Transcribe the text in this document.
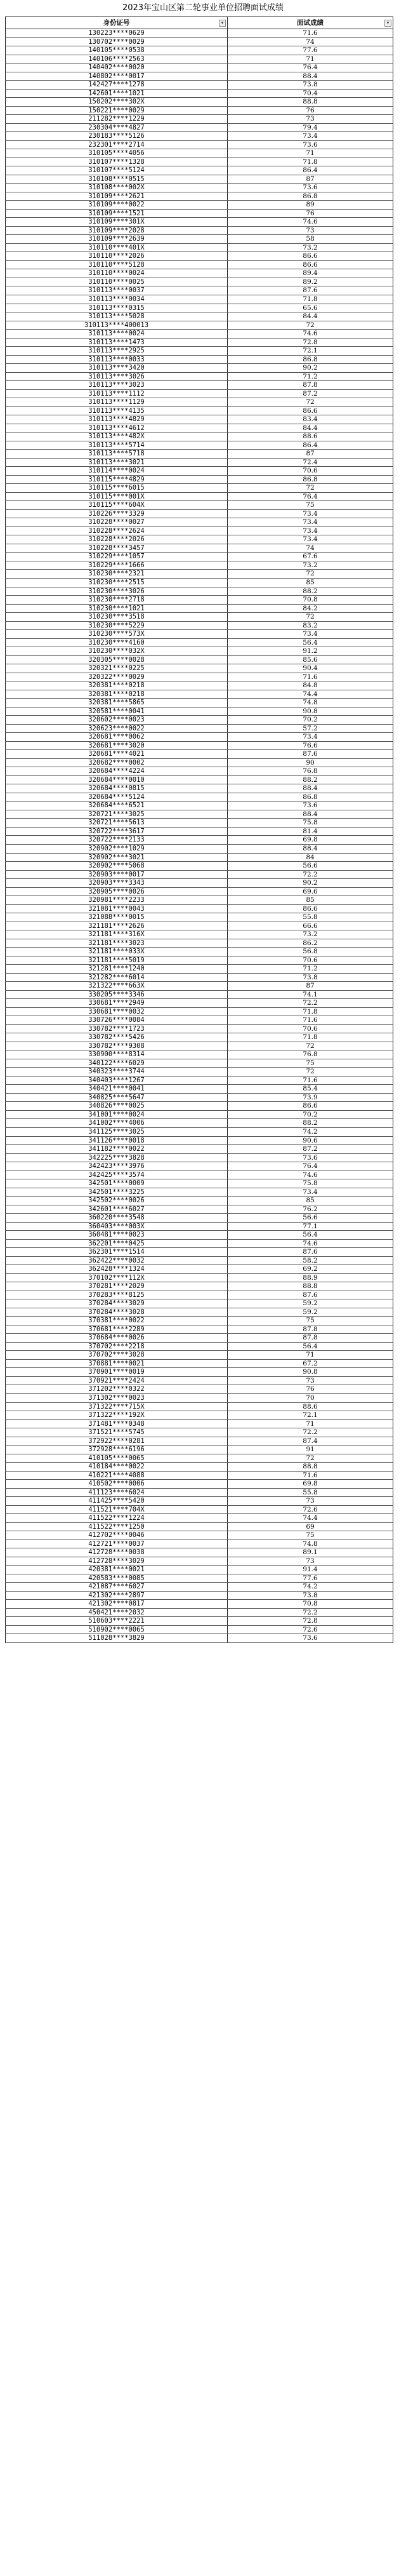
2023年宝山区第二轮事业单位招聘面试成绩
身份证号	▾	面试成绩	▾
130223****0629	71.6
130702****0029	74
140105****0538	77.6
140106****2563	71
140402****0020	76.4
140802****0017	88.4
142427****1278	73.8
142601****1021	70.4
150202****302X	88.8
150221****0029	76
211282****1229	73
230304****4827	79.4
230183****5126	73.4
232301****2714	73.6
310105****4056	71
310107****1328	71.8
310107****5124	86.4
310108****0515	87
310108****002X	73.6
310109****2621	86.8
310109****0022	89
310109****1521	76
310109****301X	74.6
310109****2028	73
310109****2639	58
310110****401X	73.2
310110****2026	86.6
310110****5128	86.6
310110****0024	89.4
310110****0025	89.2
310113****0037	87.6
310113****0034	71.8
310113****0315	65.6
310113****5028	84.4
310113****400013	72
310113****0024	74.6
310113****1473	72.8
310113****2925	72.1
310113****0033	86.8
310113****3420	90.2
310113****3026	71.2
310113****3023	87.8
310113****1112	87.2
310113****1129	72
310113****4135	86.6
310113****4829	83.4
310113****4612	84.4
310113****482X	88.6
310113****5714	86.4
310113****5718	87
310113****3021	72.4
310114****0024	70.6
310115****4829	86.8
310115****6015	72
310115****001X	76.4
310115****604X	75
310226****3329	73.4
310228****0027	73.4
310228****2624	73.4
310228****2026	73.4
310228****3457	74
310229****1057	67.6
310229****1666	73.2
310230****2321	72
310230****2515	85
310230****3026	88.2
310230****2718	70.8
310230****1021	84.2
310230****3518	72
310230****5229	83.2
310230****573X	73.4
310230****4160	56.4
310230****032X	91.2
320305****0028	85.6
320321****0225	90.4
320322****0029	71.6
320381****0218	84.8
320381****0218	74.4
320381****5865	74.8
320581****0041	90.8
320602****0023	70.2
320623****0022	57.2
320681****0062	73.4
320681****3020	76.6
320681****4021	87.6
320682****0002	90
320684****4224	76.8
320684****0010	88.2
320684****0815	88.4
320684****5124	86.8
320684****6521	73.6
320721****3025	88.4
320721****5613	75.8
320722****3617	81.4
320722****2133	69.8
320902****1029	88.4
320902****3021	84
320902****5068	56.6
320903****0017	72.2
320903****3343	90.2
320905****0026	69.6
320981****2233	85
321081****0043	86.6
321088****0015	55.8
321181****2626	66.6
321181****316X	73.2
321181****3023	86.2
321181****033X	56.8
321181****5019	70.6
321281****1240	71.2
321282****6014	73.8
321322****663X	87
330205****3346	74.1
330681****2949	72.2
330681****0032	71.8
330726****0084	71.6
330782****1723	70.6
330782****5426	71.8
330782****9308	72
330900****8314	76.8
340122****6029	75
340323****3744	72
340403****1267	71.6
340421****0041	85.4
340825****5647	73.9
340826****0025	86.6
341001****0024	70.2
341002****4006	88.2
341125****3025	74.2
341126****0018	90.6
341182****0022	87.2
342225****3828	73.6
342423****3976	76.4
342425****3574	74.6
342501****0009	75.8
342501****3225	73.4
342502****0026	85
342601****6027	76.2
360220****3548	56.6
360403****003X	77.1
360481****0023	56.4
362201****0425	74.6
362301****1514	87.6
362422****0032	58.2
362428****1324	69.2
370102****112X	88.9
370281****2029	88.8
370283****8125	87.6
370284****3029	59.2
370284****3028	59.2
370381****0022	75
370681****2289	87.8
370684****0026	87.8
370702****2218	56.4
370702****3028	71
370881****0021	67.2
370901****0019	90.8
370921****2424	73
371202****0322	76
371302****0023	70
371322****715X	88.6
371322****192X	72.1
371481****0348	71
371521****5745	72.2
372922****0281	87.4
372928****6196	91
410105****0065	72
410184****0022	88.8
410221****4088	71.6
410502****0006	69.8
411123****6024	55.8
411425****5420	73
411521****704X	72.6
411522****1224	74.4
411522****1250	69
412702****0046	75
412721****0037	74.8
412728****0038	89.1
412728****3029	73
420381****0021	91.4
420583****0085	77.6
421087****6027	74.2
421302****2897	73.8
421302****0817	70.8
450421****2032	72.2
510603****2221	72.8
510902****0065	72.6
511028****3829	73.6
